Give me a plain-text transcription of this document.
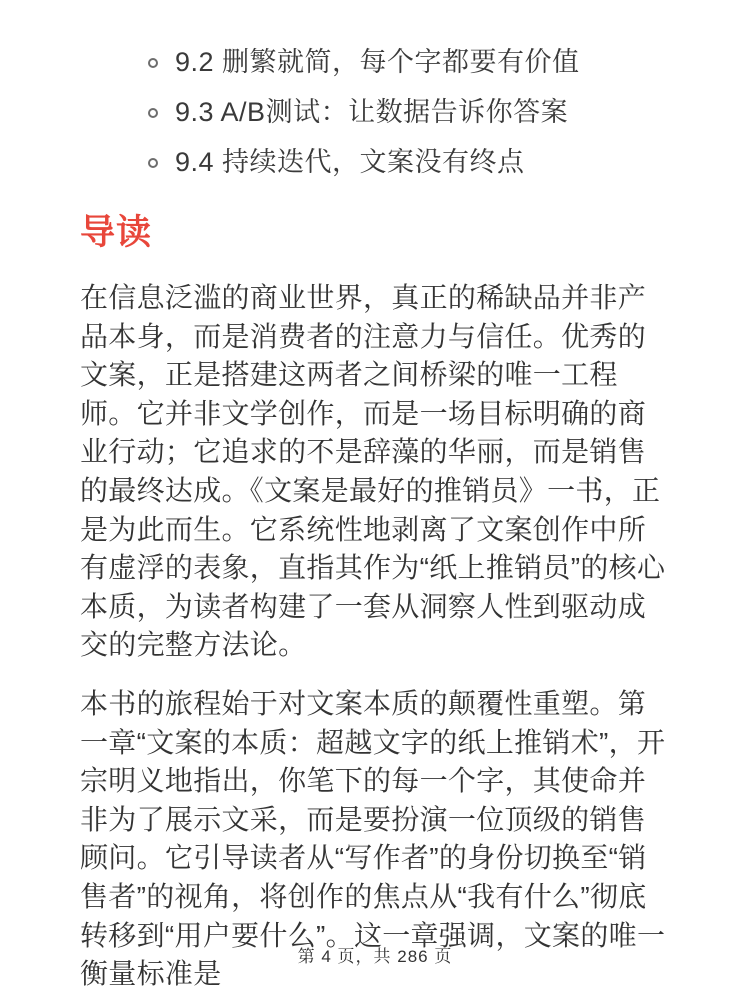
9.2 删繁就简，每个字都要有价值
9.3 A/B测试：让数据告诉你答案
9.4 持续迭代，文案没有终点
导读

在信息泛滥的商业世界，真正的稀缺品并非产品本身，而是消费者的注意力与信任。优秀的文案，正是搭建这两者之间桥梁的唯一工程师。它并非文学创作，而是一场目标明确的商业行动；它追求的不是辞藻的华丽，而是销售的最终达成。《文案是最好的推销员》一书，正是为此而生。它系统性地剥离了文案创作中所有虚浮的表象，直指其作为“纸上推销员”的核心本质，为读者构建了一套从洞察人性到驱动成交的完整方法论。

本书的旅程始于对文案本质的颠覆性重塑。第一章“文案的本质：超越文字的纸上推销术”，开宗明义地指出，你笔下的每一个字，其使命并非为了展示文采，而是要扮演一位顶级的销售顾问。它引导读者从“写作者”的身份切换至“销售者”的视角，将创作的焦点从“我有什么”彻底转移到“用户要什么”。这一章强调，文案的唯一衡量标准是

第 4 页，共 286 页
